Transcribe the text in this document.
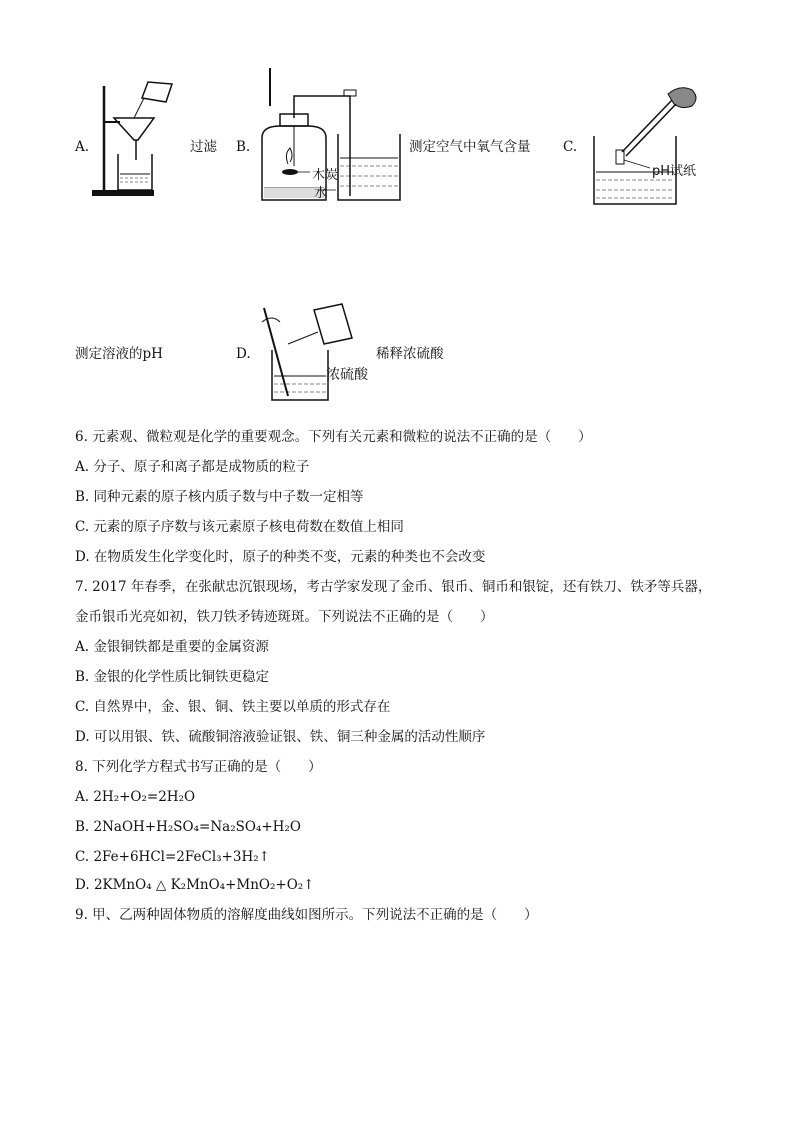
A.	过滤 B.
木炭
水
测定空气中氧气含量 C.
pH试纸
测定溶液的pH	D.
浓硫酸
稀释浓硫酸
6. 元素观、微粒观是化学的重要观念。下列有关元素和微粒的说法不正确的是（　　）
A. 分子、原子和离子都是成物质的粒子
B. 同种元素的原子核内质子数与中子数一定相等
C. 元素的原子序数与该元素原子核电荷数在数值上相同
D. 在物质发生化学变化时，原子的种类不变，元素的种类也不会改变
7. 2017 年春季，在张献忠沉银现场，考古学家发现了金币、银币、铜币和银锭，还有铁刀、铁矛等兵器，
金币银币光亮如初，铁刀铁矛铸迹斑斑。下列说法不正确的是（　　）
A. 金银铜铁都是重要的金属资源
B. 金银的化学性质比铜铁更稳定
C. 自然界中，金、银、铜、铁主要以单质的形式存在
D. 可以用银、铁、硫酸铜溶液验证银、铁、铜三种金属的活动性顺序
8. 下列化学方程式书写正确的是（　　）
A. 2H₂+O₂=2H₂O
B. 2NaOH+H₂SO₄=Na₂SO₄+H₂O
C. 2Fe+6HCl=2FeCl₃+3H₂↑
D. 2KMnO₄ △ K₂MnO₄+MnO₂+O₂↑
9. 甲、乙两种固体物质的溶解度曲线如图所示。下列说法不正确的是（　　）
